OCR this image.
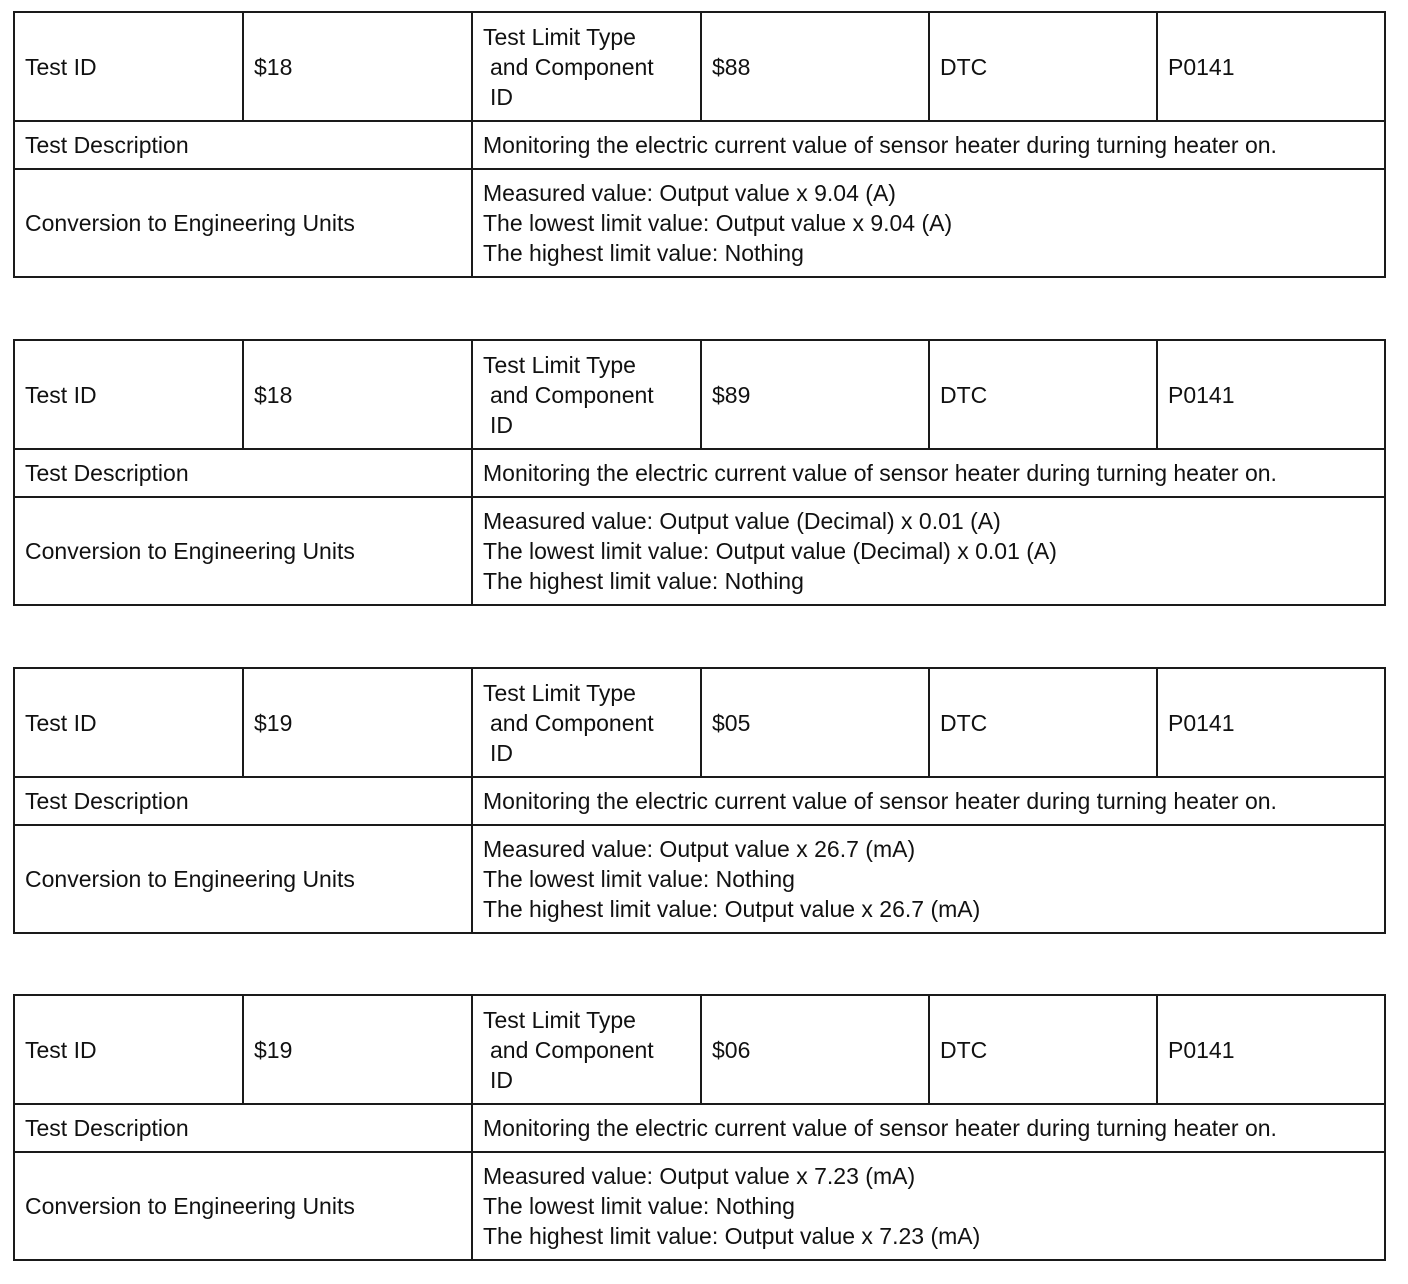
Test ID	$18	Test Limit Type
and Component
ID	$88	DTC	P0141
Test Description		Monitoring the electric current value of sensor heater during turning heater on.			
Conversion to Engineering Units		Measured value: Output value x 9.04 (A)
The lowest limit value: Output value x 9.04 (A)
The highest limit value: Nothing			
Test ID	$18	Test Limit Type
and Component
ID	$89	DTC	P0141
Test Description		Monitoring the electric current value of sensor heater during turning heater on.			
Conversion to Engineering Units		Measured value: Output value (Decimal) x 0.01 (A)
The lowest limit value: Output value (Decimal) x 0.01 (A)
The highest limit value: Nothing			
Test ID	$19	Test Limit Type
and Component
ID	$05	DTC	P0141
Test Description		Monitoring the electric current value of sensor heater during turning heater on.			
Conversion to Engineering Units		Measured value: Output value x 26.7 (mA)
The lowest limit value: Nothing
The highest limit value: Output value x 26.7 (mA)			
Test ID	$19	Test Limit Type
and Component
ID	$06	DTC	P0141
Test Description		Monitoring the electric current value of sensor heater during turning heater on.			
Conversion to Engineering Units		Measured value: Output value x 7.23 (mA)
The lowest limit value: Nothing
The highest limit value: Output value x 7.23 (mA)			
